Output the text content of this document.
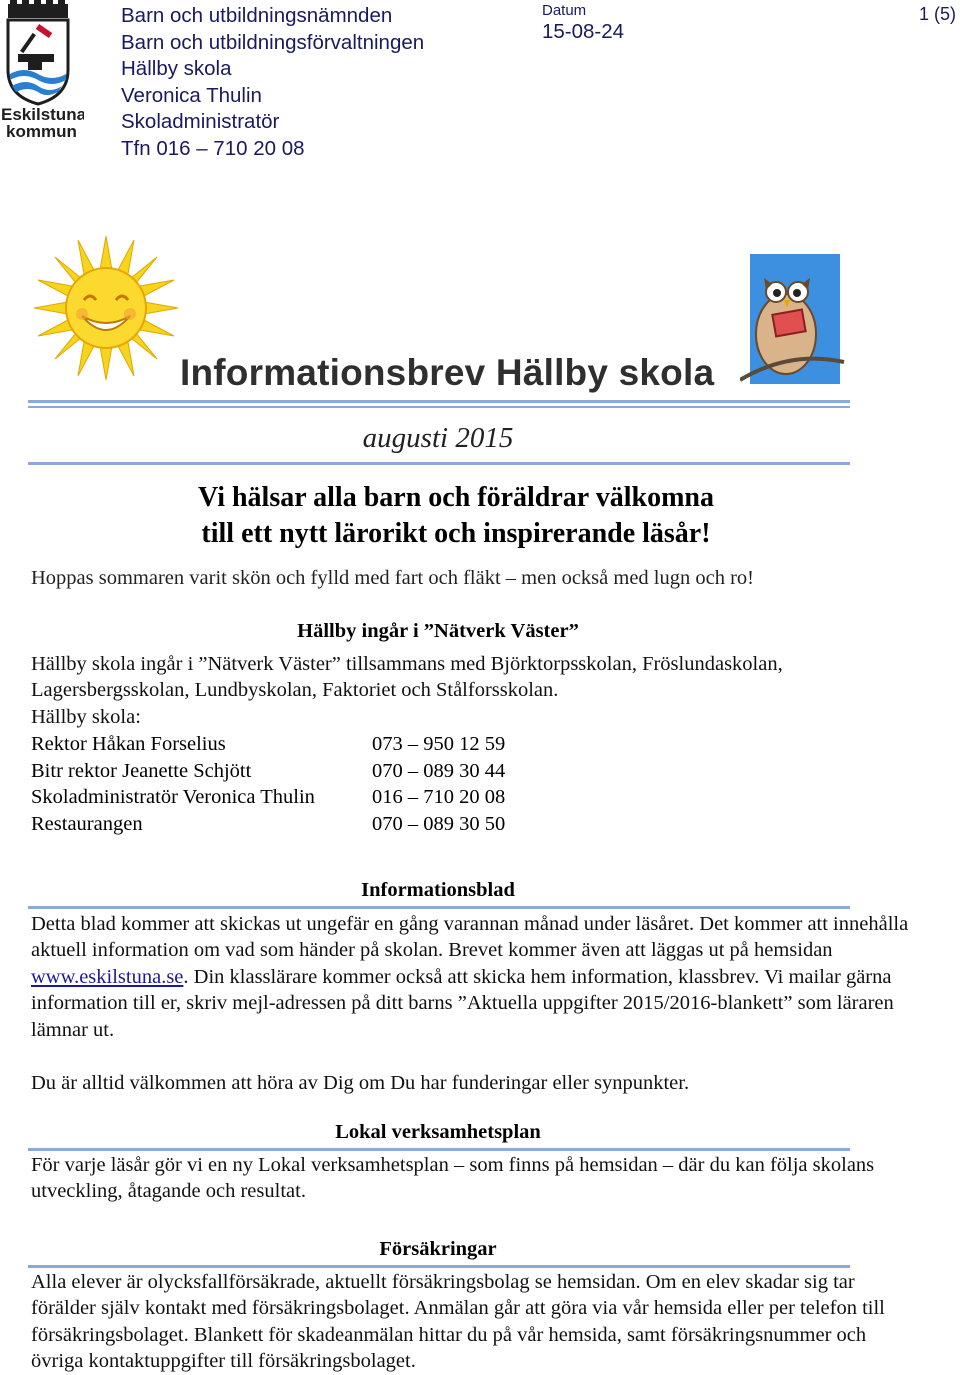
Eskilstuna
kommun
Barn och utbildningsnämnden
Barn och utbildningsförvaltningen
Hällby skola
Veronica Thulin
Skoladministratör
Tfn 016 – 710 20 08
Datum
15-08-24
1 (5)
Informationsbrev Hällby skola
augusti 2015
Vi hälsar alla barn och föräldrar välkomna
till ett nytt lärorikt och inspirerande läsår!
Hoppas sommaren varit skön och fylld med fart och fläkt – men också med lugn och ro!
Hällby ingår i ”Nätverk Väster”
Hällby skola ingår i ”Nätverk Väster” tillsammans med Björktorpsskolan, Fröslundaskolan, Lagersbergsskolan, Lundbyskolan, Faktoriet och Stålforsskolan.
Hällby skola:
Rektor Håkan Forselius	073 – 950 12 59
Bitr rektor Jeanette Schjött	070 – 089 30 44
Skoladministratör Veronica Thulin	016 – 710 20 08
Restaurangen	070 – 089 30 50
Informationsblad
Detta blad kommer att skickas ut ungefär en gång varannan månad under läsåret. Det kommer att innehålla aktuell information om vad som händer på skolan. Brevet kommer även att läggas ut på hemsidan www.eskilstuna.se. Din klasslärare kommer också att skicka hem information, klassbrev. Vi mailar gärna information till er, skriv mejl-adressen på ditt barns ”Aktuella uppgifter 2015/2016-blankett” som läraren lämnar ut.
Du är alltid välkommen att höra av Dig om Du har funderingar eller synpunkter.
Lokal verksamhetsplan
För varje läsår gör vi en ny Lokal verksamhetsplan – som finns på hemsidan – där du kan följa skolans utveckling, åtagande och resultat.
Försäkringar
Alla elever är olycksfallförsäkrade, aktuellt försäkringsbolag se hemsidan. Om en elev skadar sig tar förälder själv kontakt med försäkringsbolaget. Anmälan går att göra via vår hemsida eller per telefon till försäkringsbolaget. Blankett för skadeanmälan hittar du på vår hemsida, samt försäkringsnummer och övriga kontaktuppgifter till försäkringsbolaget.
